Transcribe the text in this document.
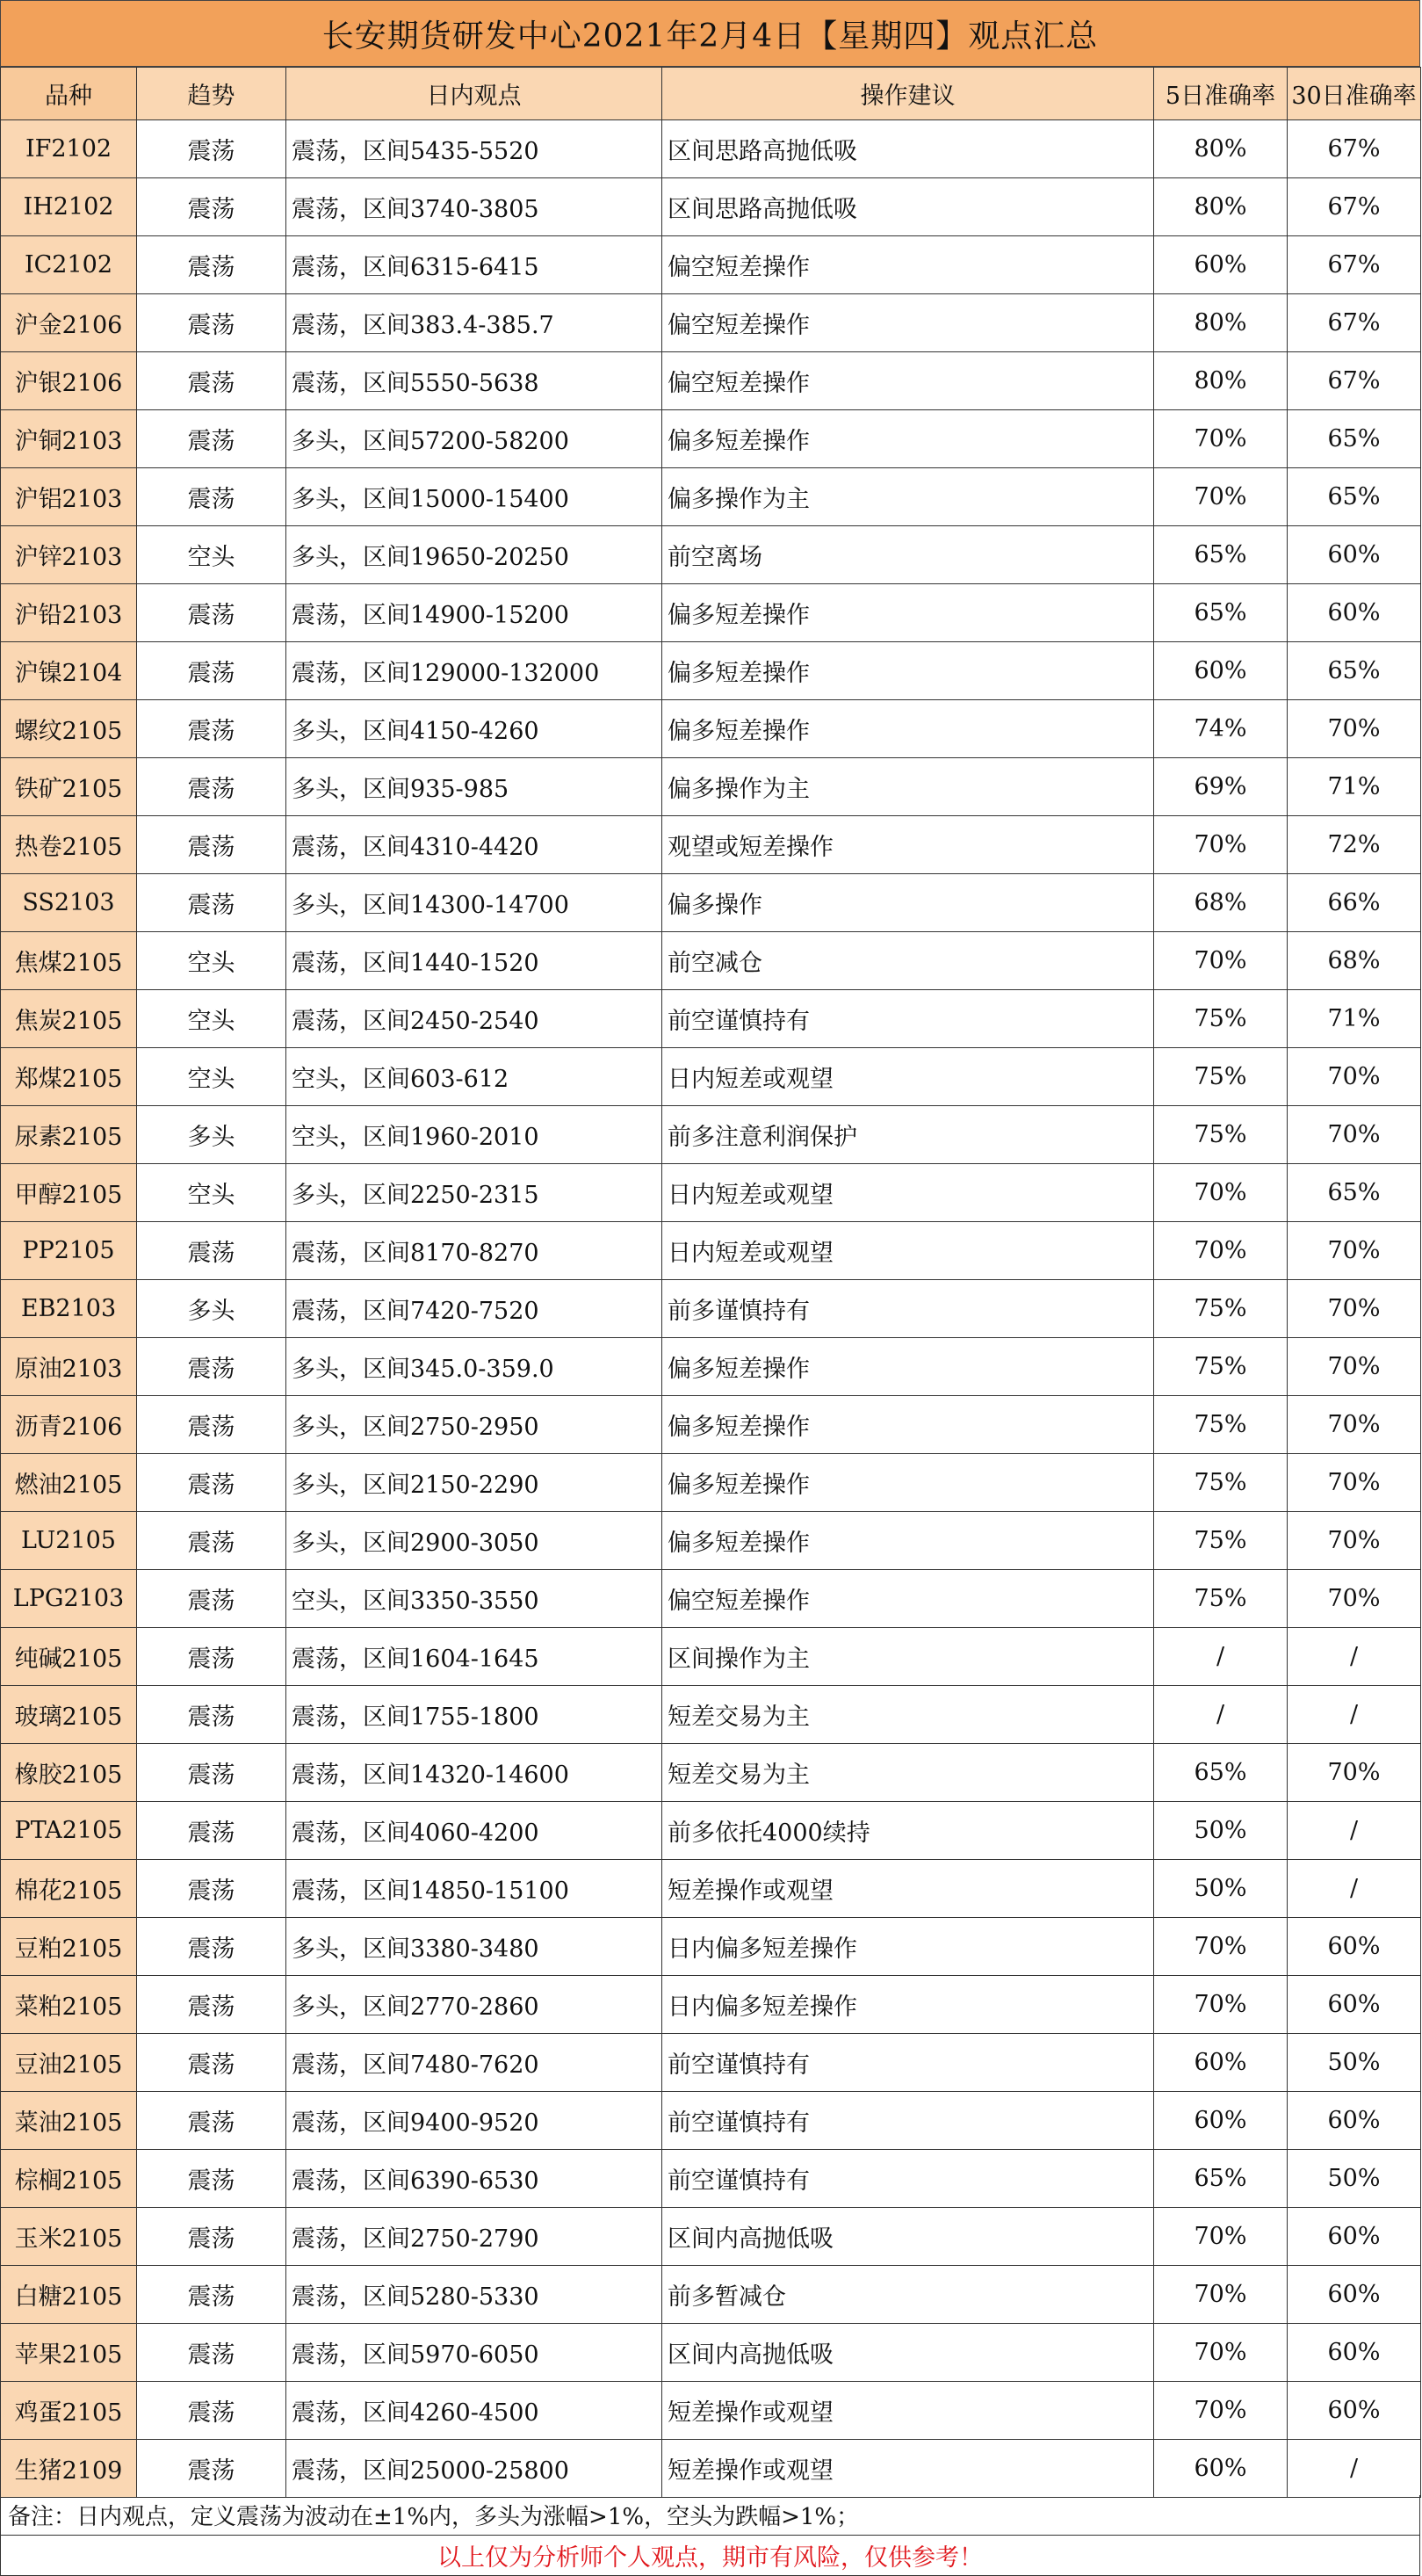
长安期货研发中心2021年2月4日【星期四】观点汇总
品种	趋势	日内观点	操作建议	5日准确率	30日准确率
IF2102	震荡	震荡，区间5435-5520	区间思路高抛低吸	80%	67%
IH2102	震荡	震荡，区间3740-3805	区间思路高抛低吸	80%	67%
IC2102	震荡	震荡，区间6315-6415	偏空短差操作	60%	67%
沪金2106	震荡	震荡，区间383.4-385.7	偏空短差操作	80%	67%
沪银2106	震荡	震荡，区间5550-5638	偏空短差操作	80%	67%
沪铜2103	震荡	多头，区间57200-58200	偏多短差操作	70%	65%
沪铝2103	震荡	多头，区间15000-15400	偏多操作为主	70%	65%
沪锌2103	空头	多头，区间19650-20250	前空离场	65%	60%
沪铅2103	震荡	震荡，区间14900-15200	偏多短差操作	65%	60%
沪镍2104	震荡	震荡，区间129000-132000	偏多短差操作	60%	65%
螺纹2105	震荡	多头，区间4150-4260	偏多短差操作	74%	70%
铁矿2105	震荡	多头，区间935-985	偏多操作为主	69%	71%
热卷2105	震荡	震荡，区间4310-4420	观望或短差操作	70%	72%
SS2103	震荡	多头，区间14300-14700	偏多操作	68%	66%
焦煤2105	空头	震荡，区间1440-1520	前空减仓	70%	68%
焦炭2105	空头	震荡，区间2450-2540	前空谨慎持有	75%	71%
郑煤2105	空头	空头，区间603-612	日内短差或观望	75%	70%
尿素2105	多头	空头，区间1960-2010	前多注意利润保护	75%	70%
甲醇2105	空头	多头，区间2250-2315	日内短差或观望	70%	65%
PP2105	震荡	震荡，区间8170-8270	日内短差或观望	70%	70%
EB2103	多头	震荡，区间7420-7520	前多谨慎持有	75%	70%
原油2103	震荡	多头，区间345.0-359.0	偏多短差操作	75%	70%
沥青2106	震荡	多头，区间2750-2950	偏多短差操作	75%	70%
燃油2105	震荡	多头，区间2150-2290	偏多短差操作	75%	70%
LU2105	震荡	多头，区间2900-3050	偏多短差操作	75%	70%
LPG2103	震荡	空头，区间3350-3550	偏空短差操作	75%	70%
纯碱2105	震荡	震荡，区间1604-1645	区间操作为主	/	/
玻璃2105	震荡	震荡，区间1755-1800	短差交易为主	/	/
橡胶2105	震荡	震荡，区间14320-14600	短差交易为主	65%	70%
PTA2105	震荡	震荡，区间4060-4200	前多依托4000续持	50%	/
棉花2105	震荡	震荡，区间14850-15100	短差操作或观望	50%	/
豆粕2105	震荡	多头，区间3380-3480	日内偏多短差操作	70%	60%
菜粕2105	震荡	多头，区间2770-2860	日内偏多短差操作	70%	60%
豆油2105	震荡	震荡，区间7480-7620	前空谨慎持有	60%	50%
菜油2105	震荡	震荡，区间9400-9520	前空谨慎持有	60%	60%
棕榈2105	震荡	震荡，区间6390-6530	前空谨慎持有	65%	50%
玉米2105	震荡	震荡，区间2750-2790	区间内高抛低吸	70%	60%
白糖2105	震荡	震荡，区间5280-5330	前多暂减仓	70%	60%
苹果2105	震荡	震荡，区间5970-6050	区间内高抛低吸	70%	60%
鸡蛋2105	震荡	震荡，区间4260-4500	短差操作或观望	70%	60%
生猪2109	震荡	震荡，区间25000-25800	短差操作或观望	60%	/
备注：日内观点，定义震荡为波动在±1%内，多头为涨幅>1%，空头为跌幅>1%；
以上仅为分析师个人观点，期市有风险，仅供参考！
